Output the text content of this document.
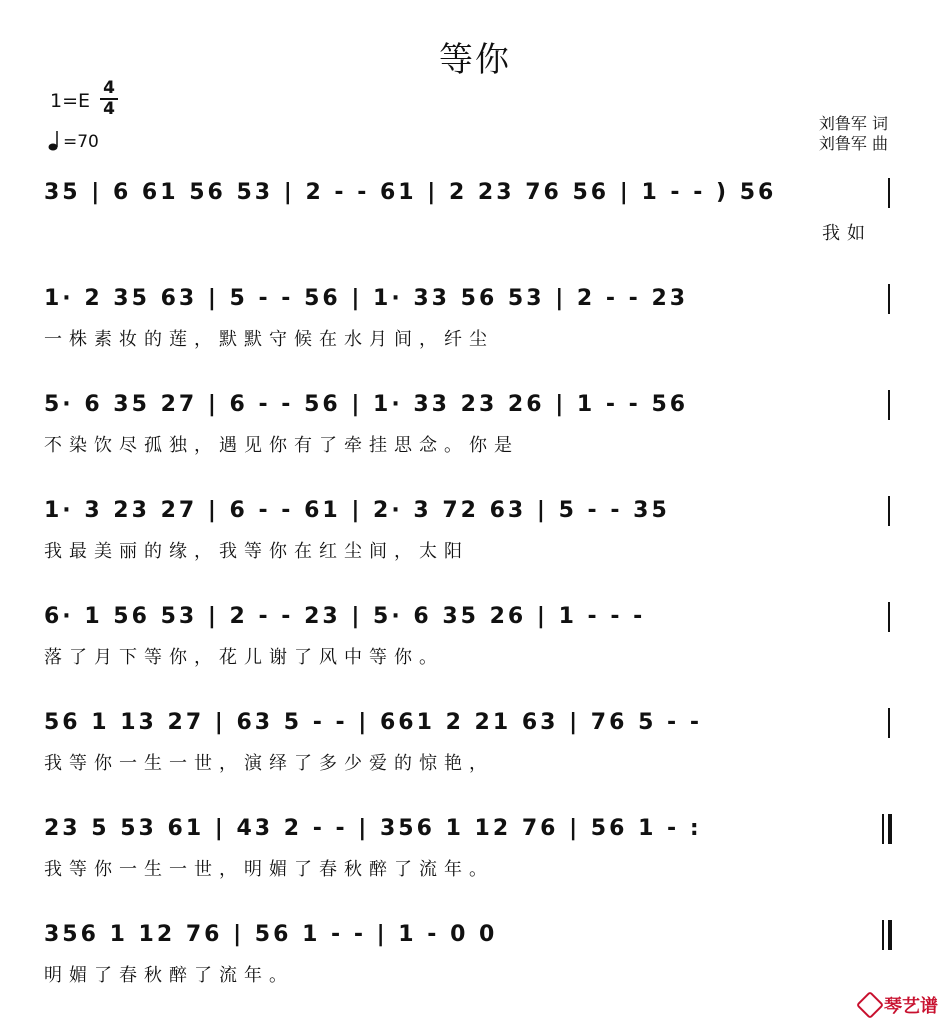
等你
1=E
4
4
=70
刘鲁军 词
刘鲁军 曲
35 | 6 61 56 53 | 2 - - 61 | 2 23 76 56 | 1 - - ) 56
我如
1· 2 35 63 | 5 - - 56 | 1· 33 56 53 | 2 - - 23
一株素妆的莲，默默守候在水月间，纤尘
5· 6 35 27 | 6 - - 56 | 1· 33 23 26 | 1 - - 56
不染饮尽孤独，遇见你有了牵挂思念。你是
1· 3 23 27 | 6 - - 61 | 2· 3 72 63 | 5 - - 35
我最美丽的缘，我等你在红尘间，太阳
6· 1 56 53 | 2 - - 23 | 5· 6 35 26 | 1 - - -
落了月下等你，花儿谢了风中等你。
56 1 13 27 | 63 5 - - | 661 2 21 63 | 76 5 - -
我等你一生一世，演绎了多少爱的惊艳，
23 5 53 61 | 43 2 - - | 356 1 12 76 | 56 1 - :
我等你一生一世，明媚了春秋醉了流年。
356 1 12 76 | 56 1 - - | 1 - 0 0
明媚了春秋醉了流年。
琴艺谱
